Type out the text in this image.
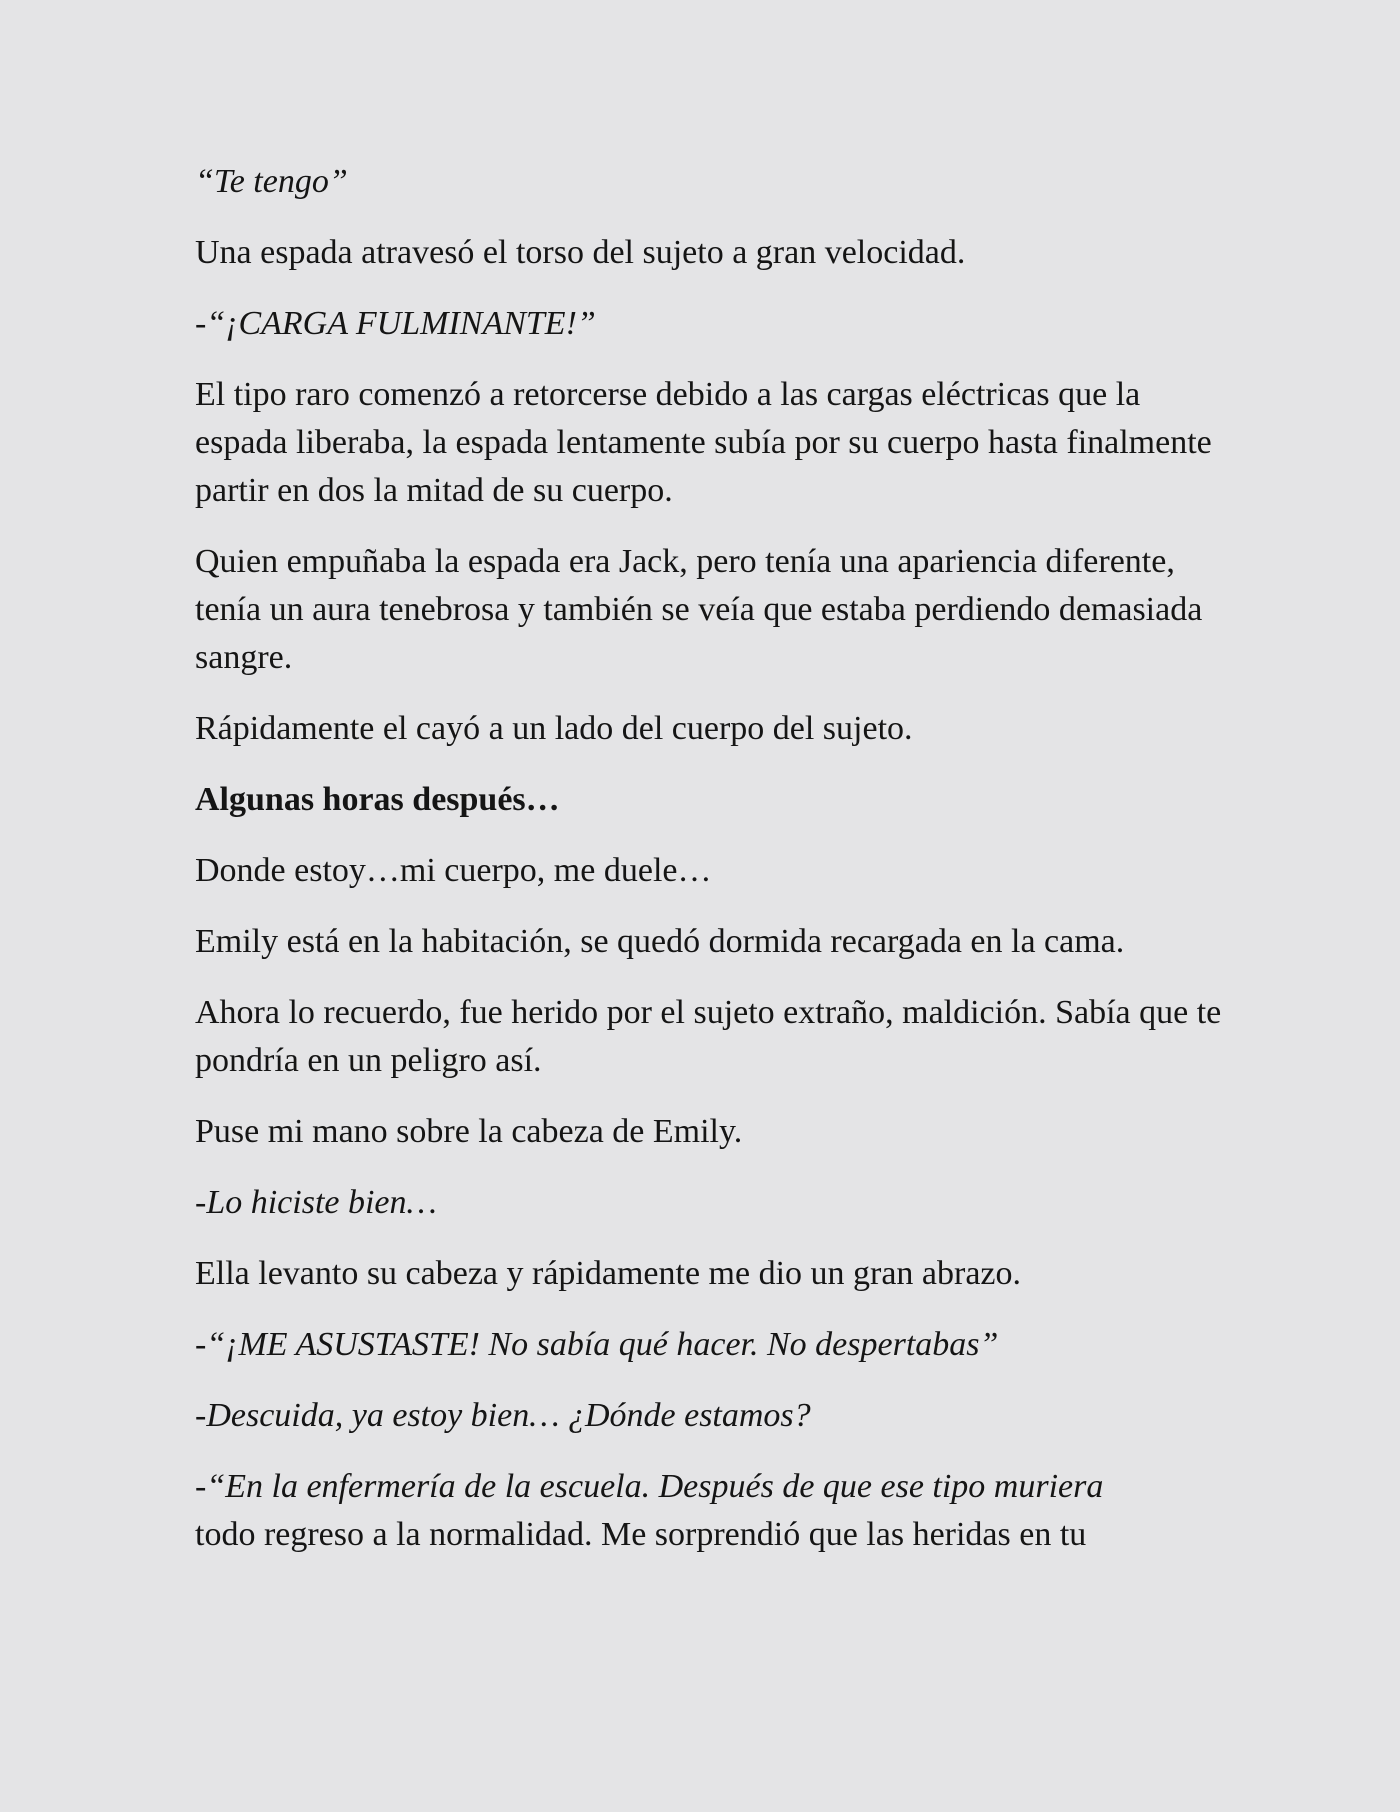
“Te tengo”

Una espada atravesó el torso del sujeto a gran velocidad.

-“¡CARGA FULMINANTE!”

El tipo raro comenzó a retorcerse debido a las cargas eléctricas que la espada liberaba, la espada lentamente subía por su cuerpo hasta finalmente partir en dos la mitad de su cuerpo.

Quien empuñaba la espada era Jack, pero tenía una apariencia diferente, tenía un aura tenebrosa y también se veía que estaba perdiendo demasiada sangre.

Rápidamente el cayó a un lado del cuerpo del sujeto.

Algunas horas después…

Donde estoy…mi cuerpo, me duele…

Emily está en la habitación, se quedó dormida recargada en la cama.

Ahora lo recuerdo, fue herido por el sujeto extraño, maldición. Sabía que te pondría en un peligro así.

Puse mi mano sobre la cabeza de Emily.

-Lo hiciste bien…

Ella levanto su cabeza y rápidamente me dio un gran abrazo.

-“¡ME ASUSTASTE! No sabía qué hacer. No despertabas”

-Descuida, ya estoy bien… ¿Dónde estamos?

-“En la enfermería de la escuela. Después de que ese tipo muriera
todo regreso a la normalidad. Me sorprendió que las heridas en tu
